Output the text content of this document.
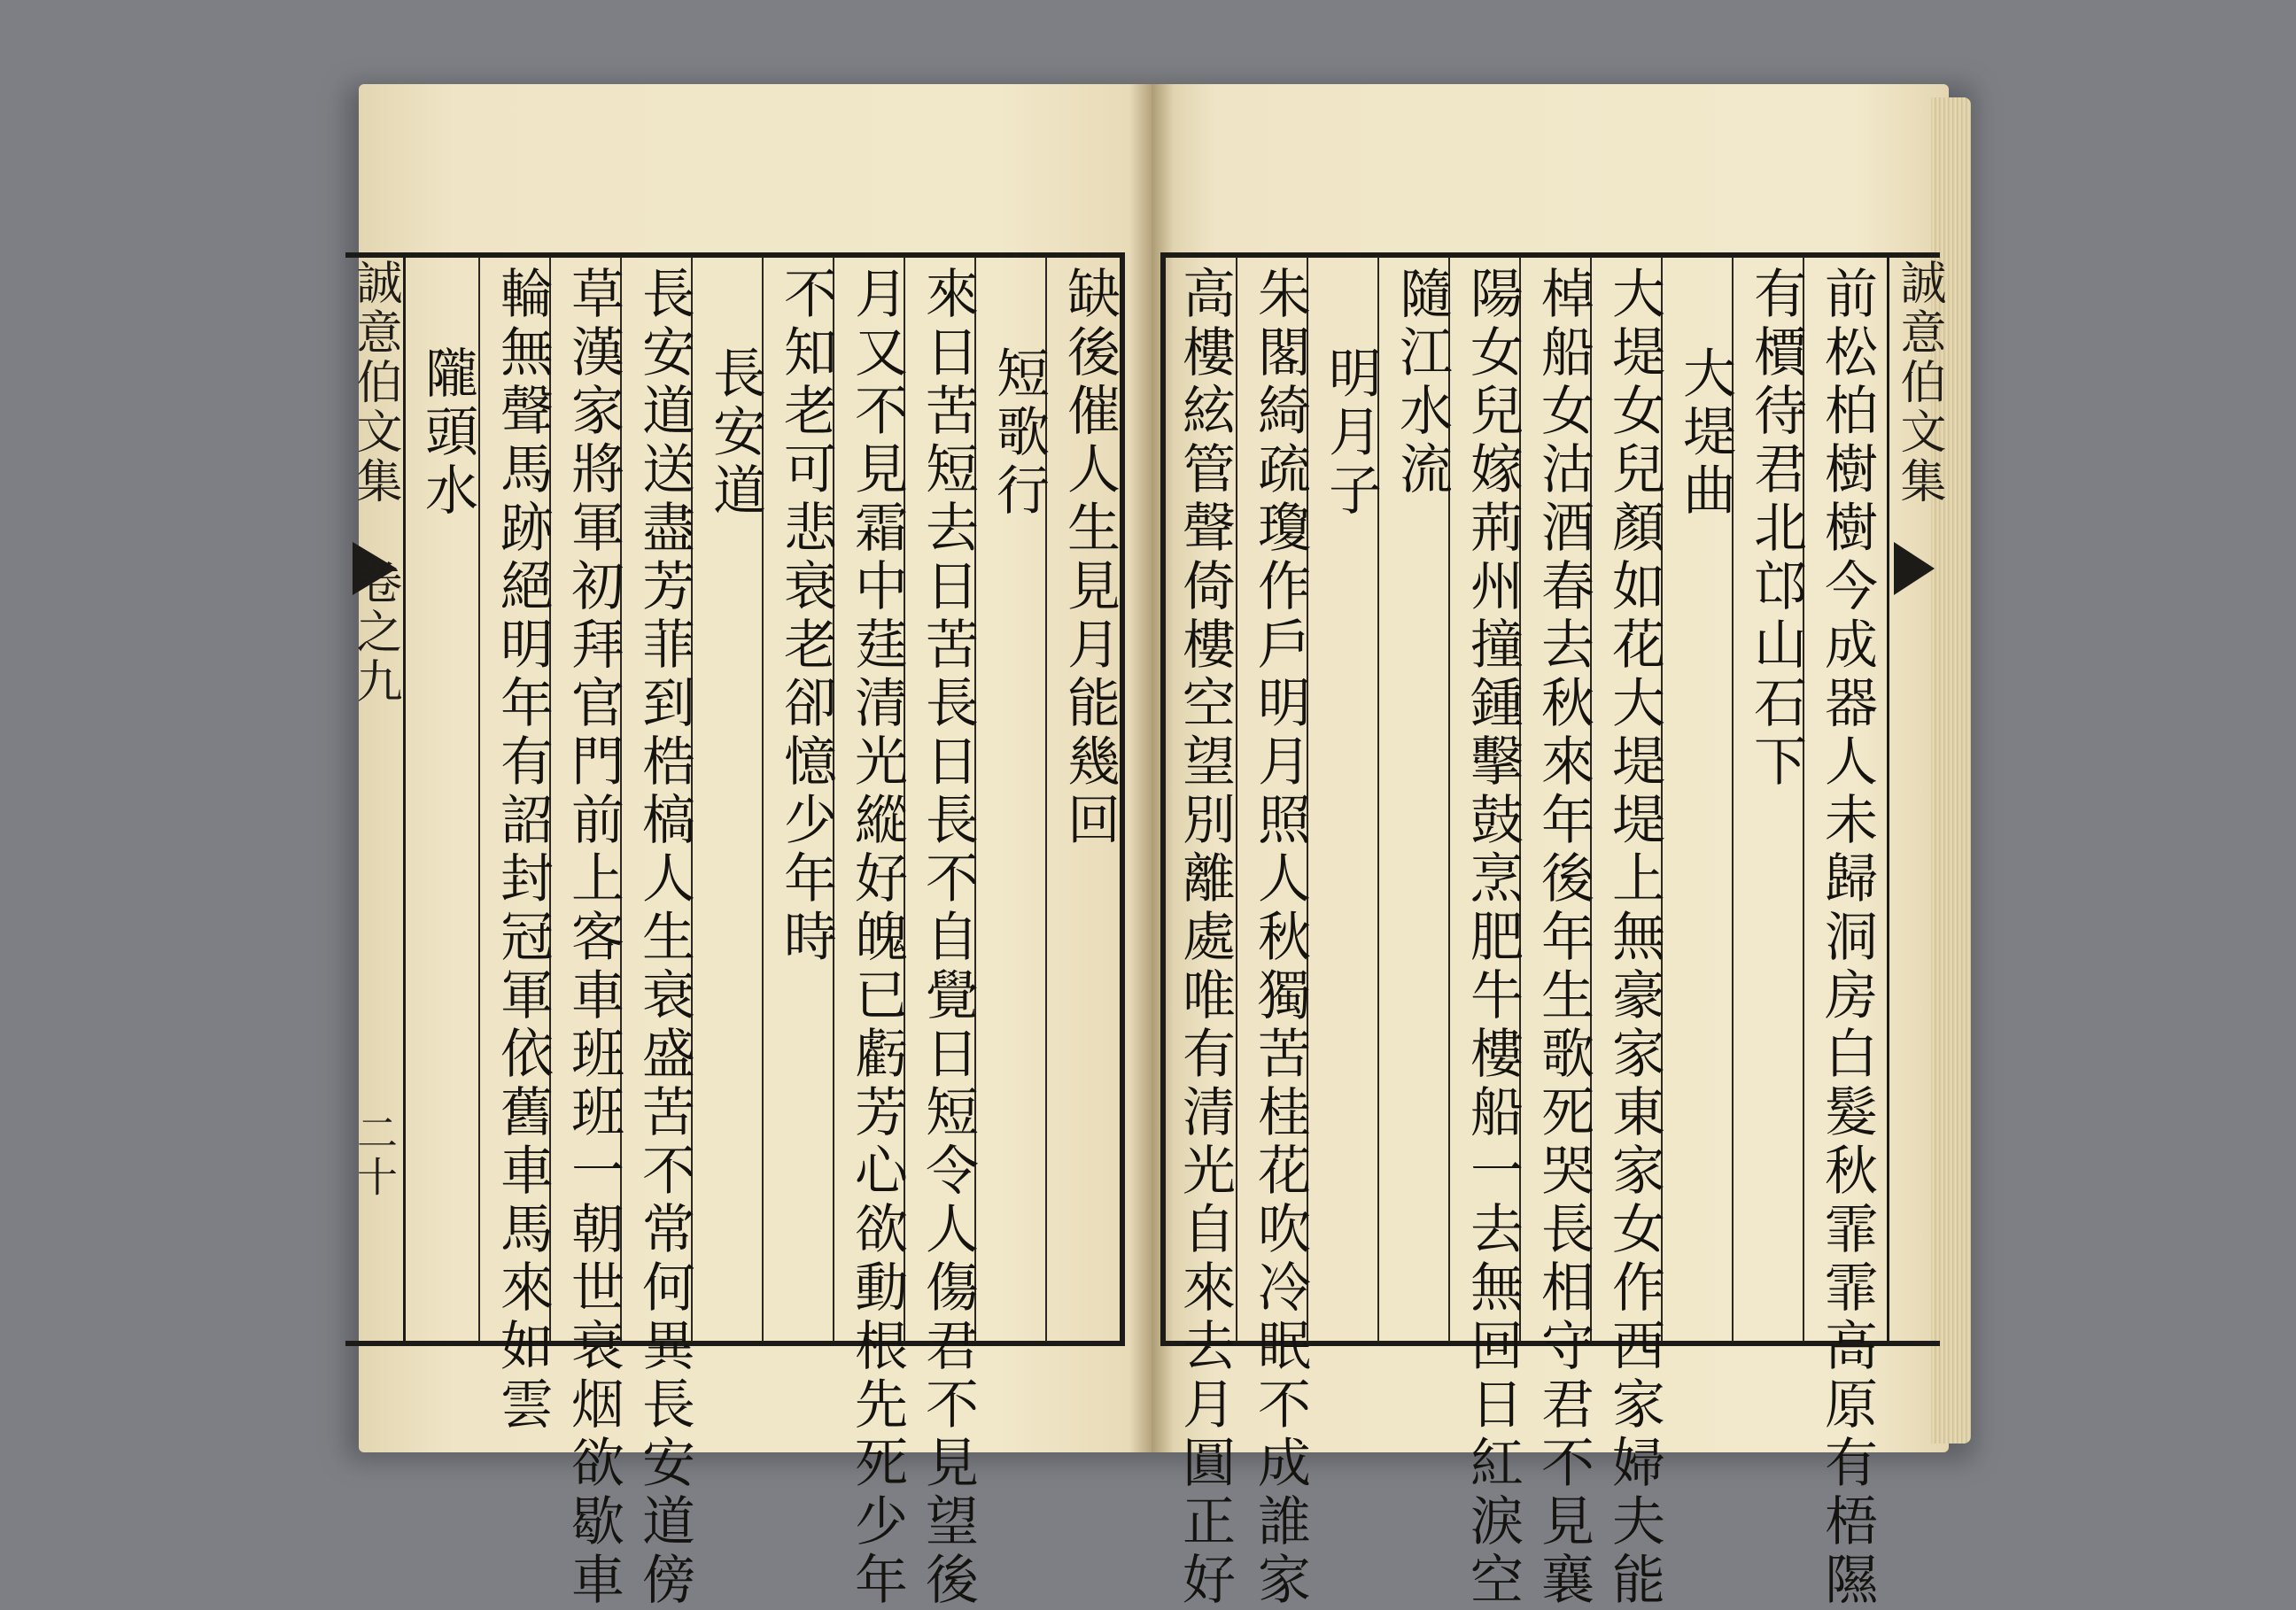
誠意伯文集
卷之九
二十
誠意伯文集
缺後催人生見月能幾回
短歌行
來日苦短去日苦長日長不自覺日短令人傷君不見望後
月又不見霜中莛清光縱好魄已虧芳心欲動根先死少年
不知老可悲衰老卻憶少年時
長安道
長安道送盡芳菲到梏槁人生衰盛苦不常何異長安道傍
草漢家將軍初拜官門前上客車班班一朝世衰烟欲歇車
輪無聲馬跡絕明年有詔封冠軍依舊車馬來如雲
隴頭水	前松柏樹樹今成器人未歸洞房白髮秋霏霏高原有梧隰
有檟待君北邙山石下
大堤曲
大堤女兒顏如花大堤堤上無豪家東家女作西家婦夫能
棹船女沽酒春去秋來年後年生歌死哭長相守君不見襄
陽女兒嫁荊州撞鍾擊鼓烹肥牛樓船一去無回日紅淚空
隨江水流
明月子
朱閣綺疏瓊作戶明月照人秋獨苦桂花吹冷眠不成誰家
高樓絃管聲倚樓空望別離處唯有清光自來去月圓正好
